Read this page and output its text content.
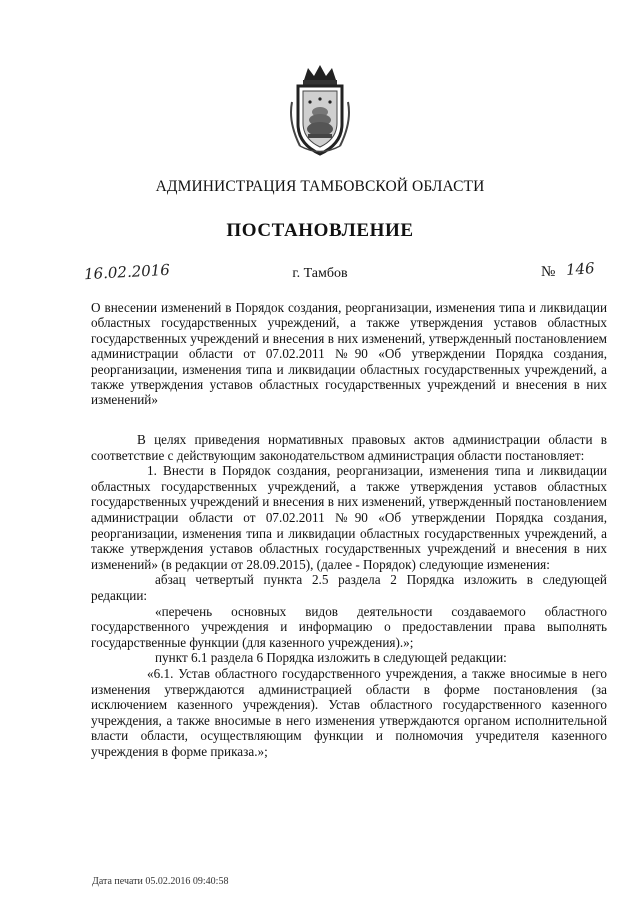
АДМИНИСТРАЦИЯ ТАМБОВСКОЙ ОБЛАСТИ
ПОСТАНОВЛЕНИЕ
16.02.2016	г. Тамбов	№ 146
О внесении изменений в Порядок создания, реорганизации, изменения типа и ликвидации областных государственных учреждений, а также утверждения уставов областных государственных учреждений и внесения в них изменений, утвержденный постановлением администрации области от 07.02.2011 №90 «Об утверждении Порядка создания, реорганизации, изменения типа и ликвидации областных государственных учреждений, а также утверждения уставов областных государственных учреждений и внесения в них изменений»

В целях приведения нормативных правовых актов администрации области в соответствие с действующим законодательством администрация области постановляет:

1. Внести в Порядок создания, реорганизации, изменения типа и ликвидации областных государственных учреждений, а также утверждения уставов областных государственных учреждений и внесения в них изменений, утвержденный постановлением администрации области от 07.02.2011 №90 «Об утверждении Порядка создания, реорганизации, изменения типа и ликвидации областных государственных учреждений, а также утверждения уставов областных государственных учреждений и внесения в них изменений» (в редакции от 28.09.2015), (далее - Порядок) следующие изменения:

абзац четвертый пункта 2.5 раздела 2 Порядка изложить в следующей редакции:

«перечень основных видов деятельности создаваемого областного государственного учреждения и информацию о предоставлении права выполнять государственные функции (для казенного учреждения).»;

пункт 6.1 раздела 6 Порядка изложить в следующей редакции:

«6.1. Устав областного государственного учреждения, а также вносимые в него изменения утверждаются администрацией области в форме постановления (за исключением казенного учреждения). Устав областного государственного казенного учреждения, а также вносимые в него изменения утверждаются органом исполнительной власти области, осуществляющим функции и полномочия учредителя казенного учреждения в форме приказа.»;

Дата печати 05.02.2016 09:40:58
